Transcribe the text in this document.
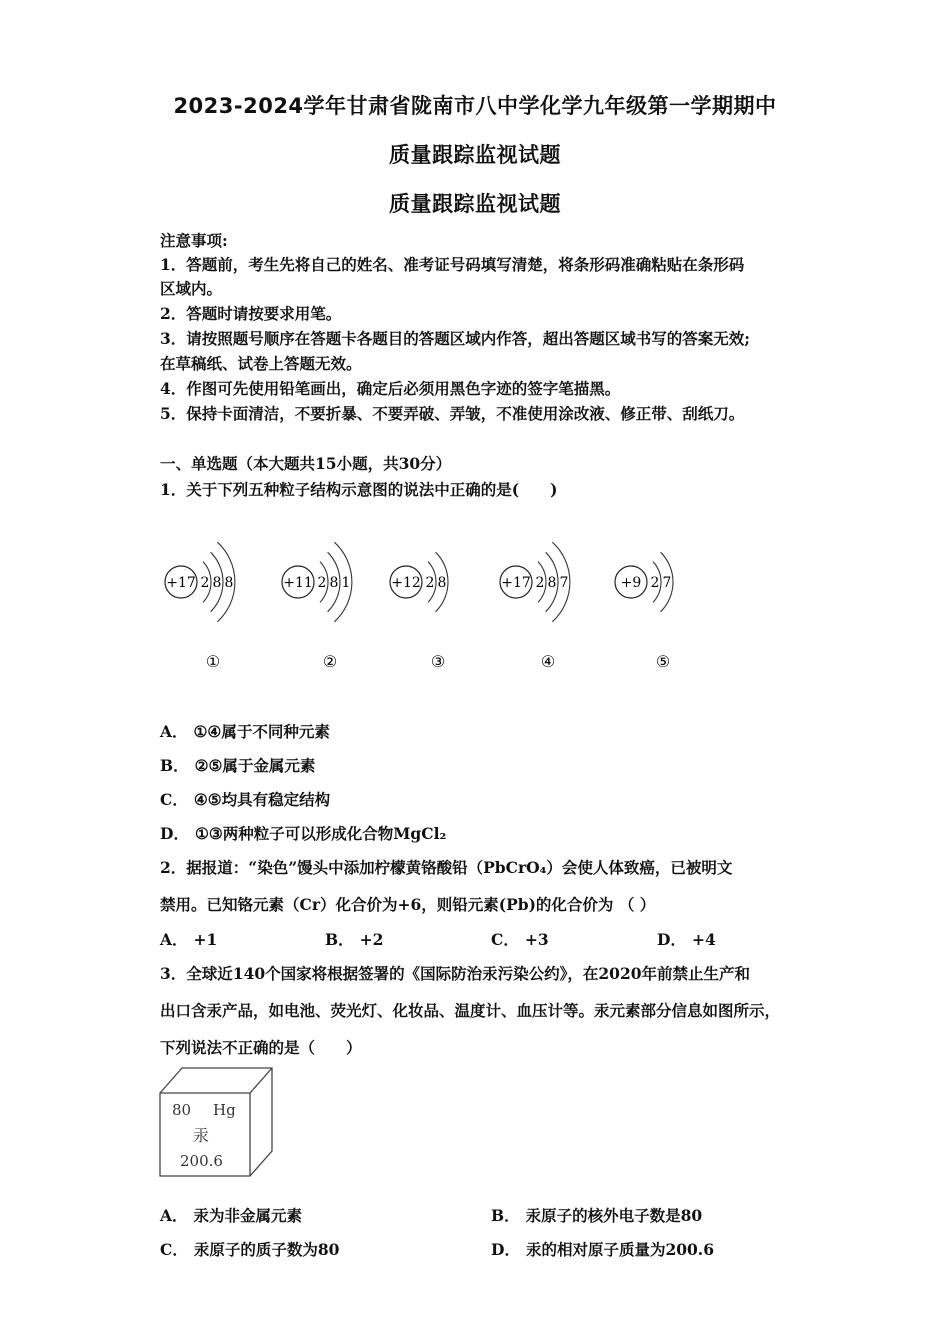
2023-2024学年甘肃省陇南市八中学化学九年级第一学期期中
质量跟踪监视试题
质量跟踪监视试题
注意事项:
1．答题前，考生先将自己的姓名、准考证号码填写清楚，将条形码准确粘贴在条形码
区域内。
2．答题时请按要求用笔。
3．请按照题号顺序在答题卡各题目的答题区域内作答，超出答题区域书写的答案无效;
在草稿纸、试卷上答题无效。
4．作图可先使用铅笔画出，确定后必须用黑色字迹的签字笔描黑。
5．保持卡面清洁，不要折暴、不要弄破、弄皱，不准使用涂改液、修正带、刮纸刀。
一、单选题（本大题共15小题，共30分）
1．关于下列五种粒子结构示意图的说法中正确的是(　　)
+17 2 8 8
①
+11 2 8 1
②
+12 2 8
③
+17 2 8 7
④
+9 2 7
⑤
A． ①④属于不同种元素
B． ②⑤属于金属元素
C． ④⑤均具有稳定结构
D． ①③两种粒子可以形成化合物MgCl₂
2．据报道：“染色”馒头中添加柠檬黄铬酸铅（PbCrO₄）会使人体致癌，已被明文
禁用。已知铬元素（Cr）化合价为+6，则铅元素(Pb)的化合价为 （ ）
A． +1	B． +2	C． +3	D． +4
3．全球近140个国家将根据签署的《国际防治汞污染公约》，在2020年前禁止生产和
出口含汞产品，如电池、荧光灯、化妆品、温度计、血压计等。汞元素部分信息如图所示，
下列说法不正确的是（　　）
80 Hg
汞
200.6
A． 汞为非金属元素	B． 汞原子的核外电子数是80
C． 汞原子的质子数为80	D． 汞的相对原子质量为200.6
